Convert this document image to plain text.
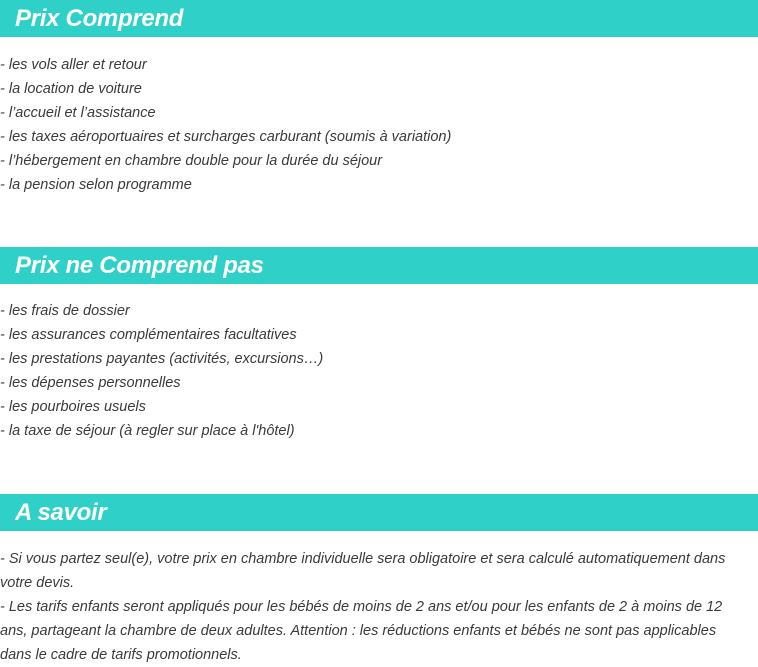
Prix Comprend
- les vols aller et retour
- la location de voiture
- l’accueil et l’assistance
- les taxes aéroportuaires et surcharges carburant (soumis à variation)
- l’hébergement en chambre double pour la durée du séjour
- la pension selon programme
Prix ne Comprend pas
- les frais de dossier
- les assurances complémentaires facultatives
- les prestations payantes (activités, excursions…)
- les dépenses personnelles
- les pourboires usuels
- la taxe de séjour (à regler sur place à l'hôtel)
A savoir

- Si vous partez seul(e), votre prix en chambre individuelle sera obligatoire et sera calculé automatiquement dans votre devis.

- Les tarifs enfants seront appliqués pour les bébés de moins de 2 ans et/ou pour les enfants de 2 à moins de 12 ans, partageant la chambre de deux adultes. Attention : les réductions enfants et bébés ne sont pas applicables dans le cadre de tarifs promotionnels.
